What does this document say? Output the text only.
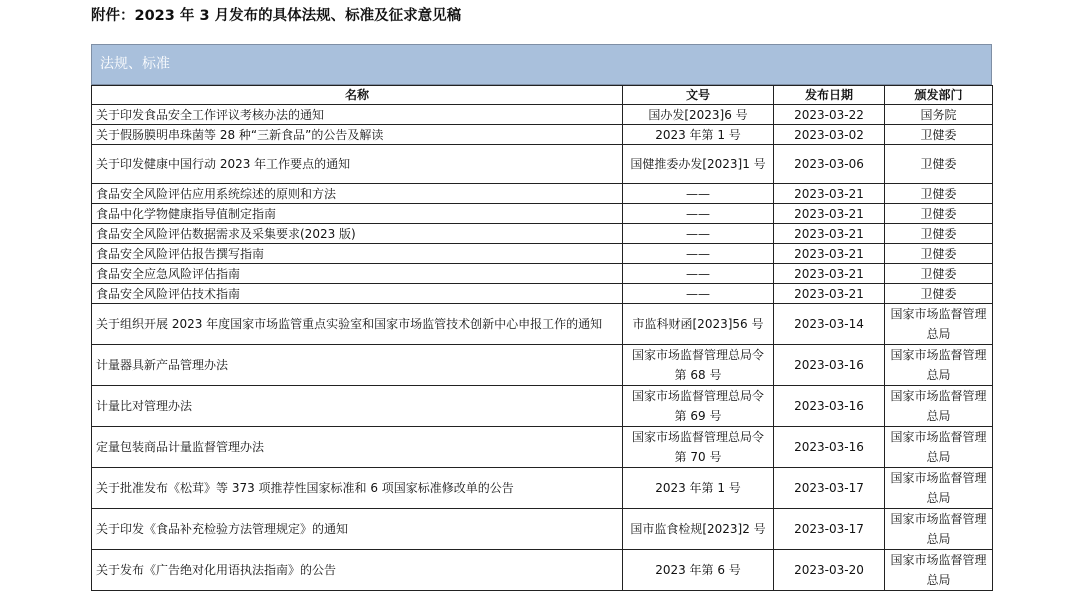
附件：2023 年 3 月发布的具体法规、标准及征求意见稿
法规、标准
名称	文号	发布日期	颁发部门
关于印发食品安全工作评议考核办法的通知	国办发[2023]6 号	2023-03-22	国务院
关于假肠膜明串珠菌等 28 种“三新食品”的公告及解读	2023 年第 1 号	2023-03-02	卫健委
关于印发健康中国行动 2023 年工作要点的通知	国健推委办发[2023]1 号	2023-03-06	卫健委
食品安全风险评估应用系统综述的原则和方法	——	2023-03-21	卫健委
食品中化学物健康指导值制定指南	——	2023-03-21	卫健委
食品安全风险评估数据需求及采集要求(2023 版)	——	2023-03-21	卫健委
食品安全风险评估报告撰写指南	——	2023-03-21	卫健委
食品安全应急风险评估指南	——	2023-03-21	卫健委
食品安全风险评估技术指南	——	2023-03-21	卫健委
关于组织开展 2023 年度国家市场监管重点实验室和国家市场监管技术创新中心申报工作的通知	市监科财函[2023]56 号	2023-03-14	国家市场监督管理总局
计量器具新产品管理办法	国家市场监督管理总局令第 68 号	2023-03-16	国家市场监督管理总局
计量比对管理办法	国家市场监督管理总局令第 69 号	2023-03-16	国家市场监督管理总局
定量包装商品计量监督管理办法	国家市场监督管理总局令第 70 号	2023-03-16	国家市场监督管理总局
关于批准发布《松茸》等 373 项推荐性国家标准和 6 项国家标准修改单的公告	2023 年第 1 号	2023-03-17	国家市场监督管理总局
关于印发《食品补充检验方法管理规定》的通知	国市监食检规[2023]2 号	2023-03-17	国家市场监督管理总局
关于发布《广告绝对化用语执法指南》的公告	2023 年第 6 号	2023-03-20	国家市场监督管理总局
